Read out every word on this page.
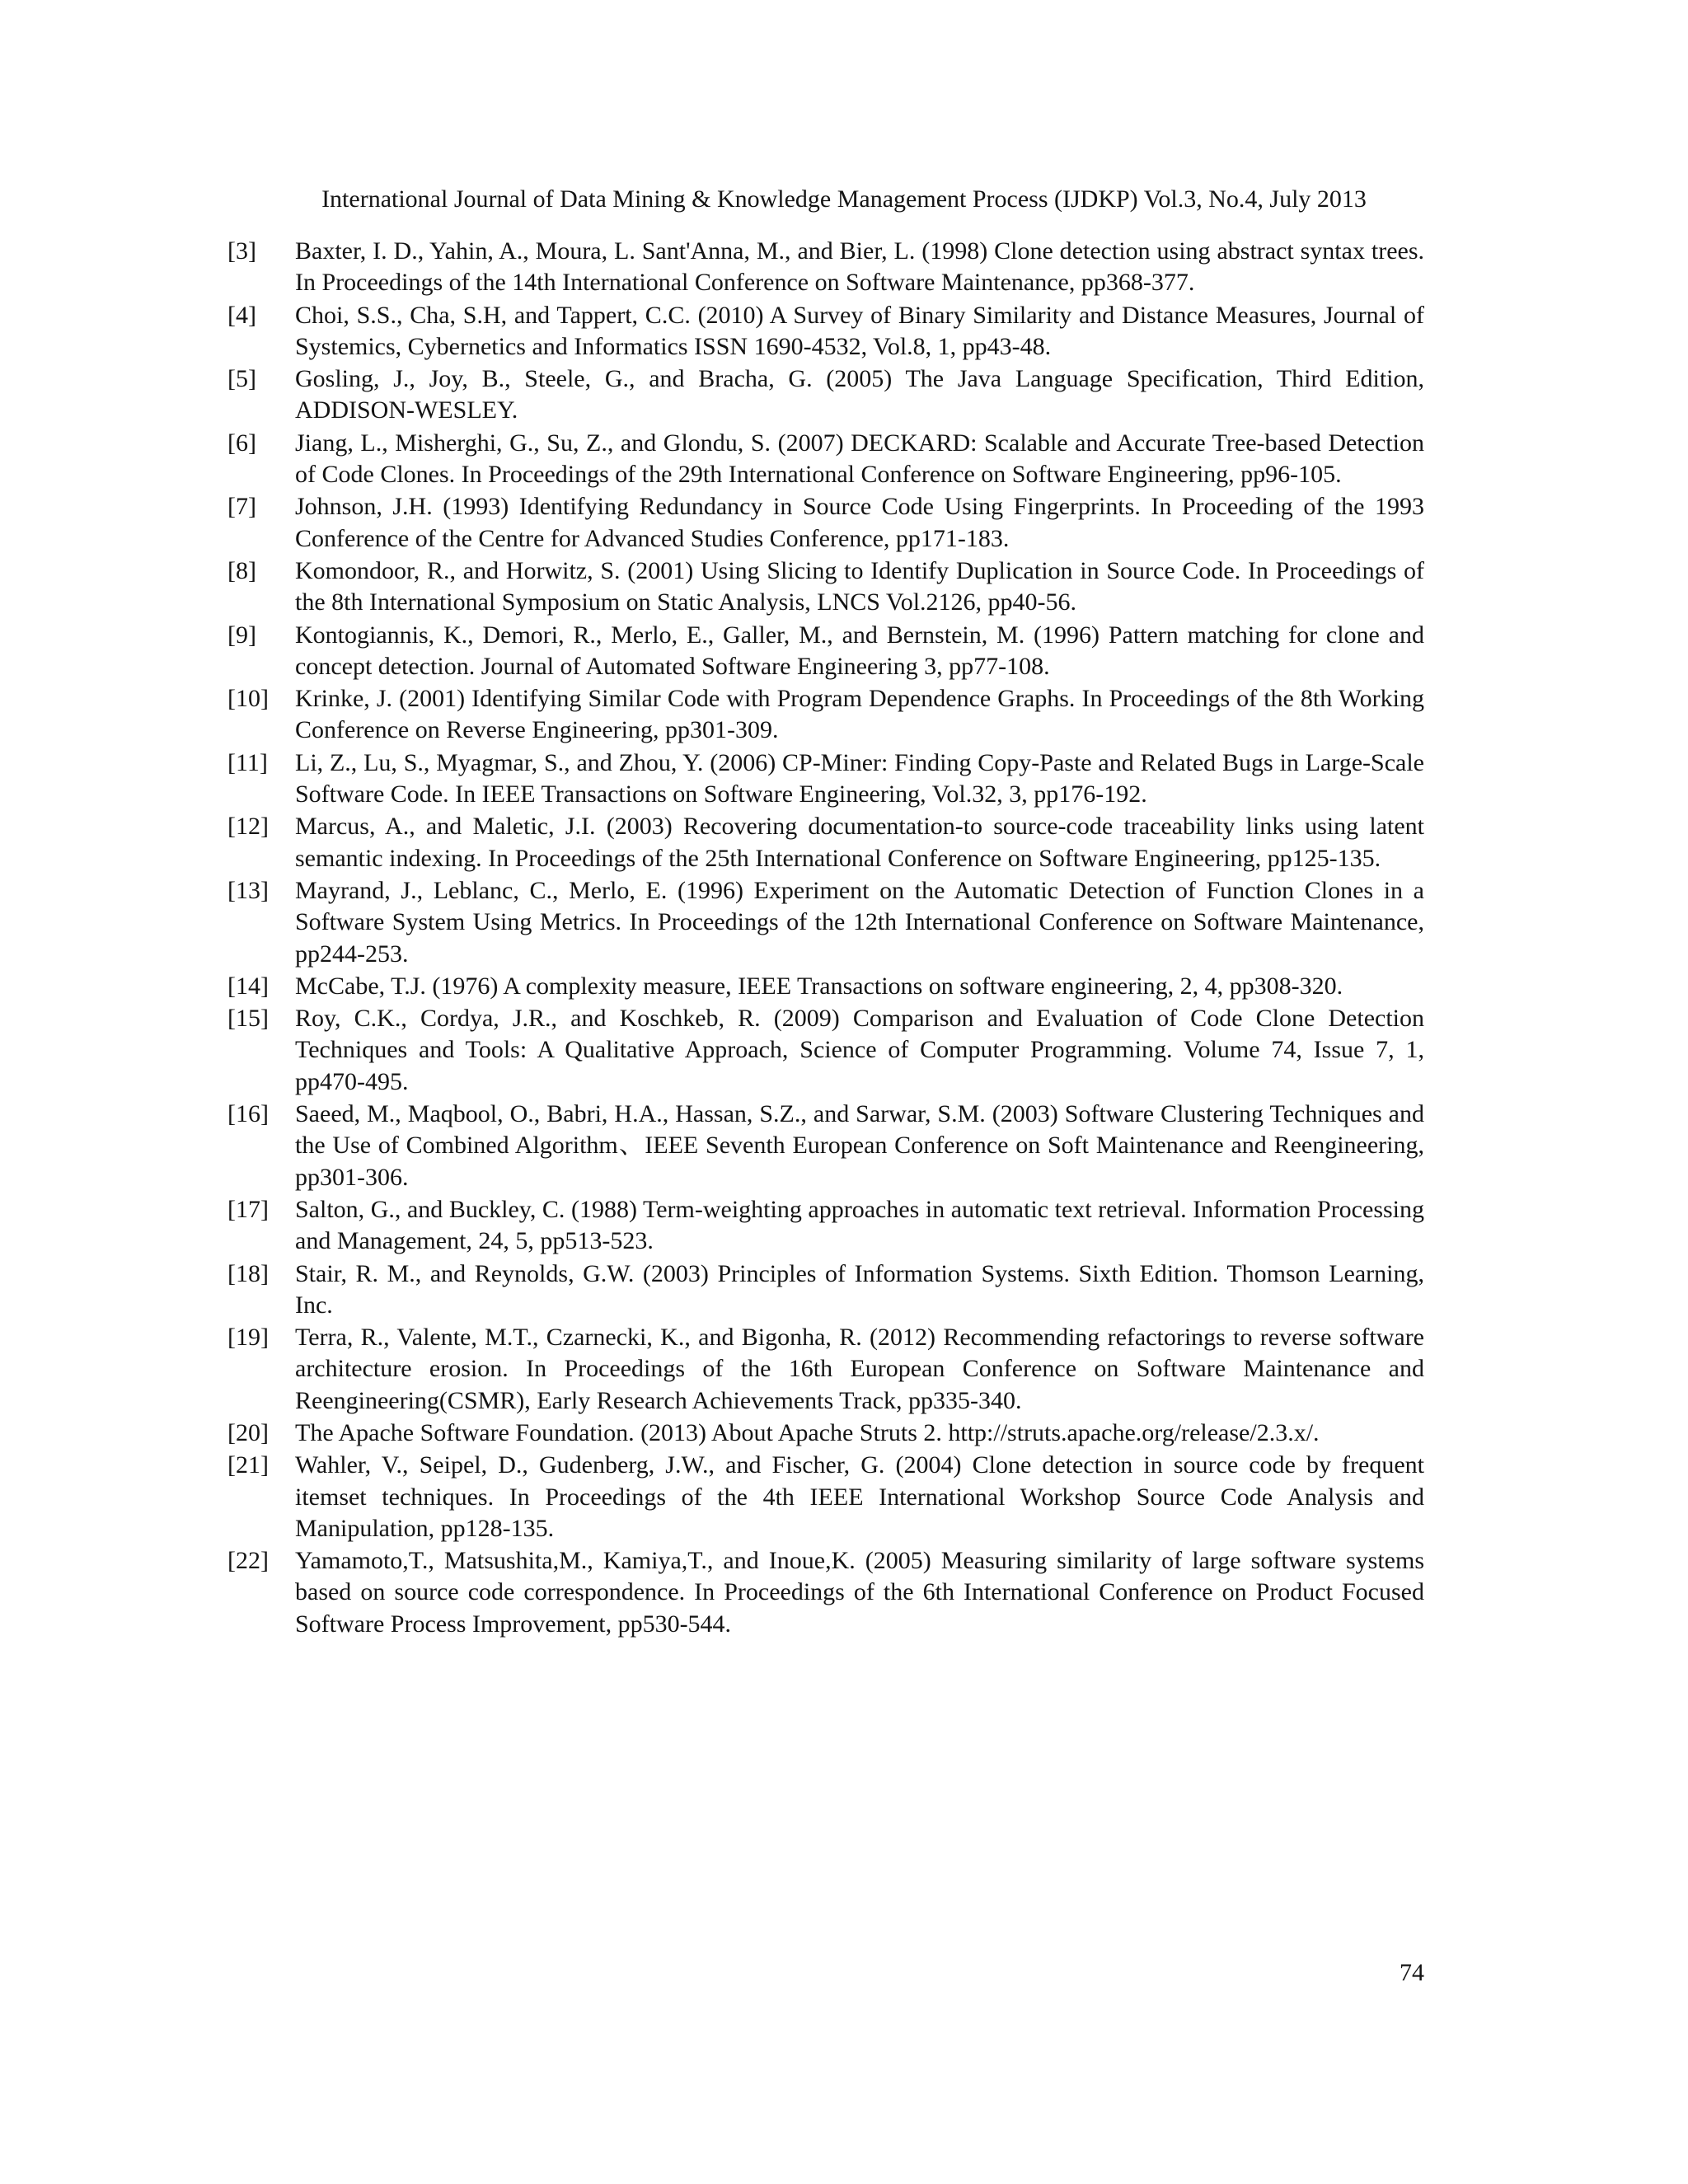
International Journal of Data Mining & Knowledge Management Process (IJDKP) Vol.3, No.4, July 2013
[3]	Baxter, I. D., Yahin, A., Moura, L. Sant'Anna, M., and Bier, L. (1998) Clone detection using abstract syntax trees. In Proceedings of the 14th International Conference on Software Maintenance, pp368-377.
[4]	Choi, S.S., Cha, S.H, and Tappert, C.C. (2010) A Survey of Binary Similarity and Distance Measures, Journal of Systemics, Cybernetics and Informatics ISSN 1690-4532, Vol.8, 1, pp43-48.
[5]	Gosling, J., Joy, B., Steele, G., and Bracha, G. (2005) The Java Language Specification, Third Edition, ADDISON-WESLEY.
[6]	Jiang, L., Misherghi, G., Su, Z., and Glondu, S. (2007) DECKARD: Scalable and Accurate Tree-based Detection of Code Clones. In Proceedings of the 29th International Conference on Software Engineering, pp96-105.
[7]	Johnson, J.H. (1993) Identifying Redundancy in Source Code Using Fingerprints. In Proceeding of the 1993 Conference of the Centre for Advanced Studies Conference, pp171-183.
[8]	Komondoor, R., and Horwitz, S. (2001) Using Slicing to Identify Duplication in Source Code. In Proceedings of the 8th International Symposium on Static Analysis, LNCS Vol.2126, pp40-56.
[9]	Kontogiannis, K., Demori, R., Merlo, E., Galler, M., and Bernstein, M. (1996) Pattern matching for clone and concept detection. Journal of Automated Software Engineering 3, pp77-108.
[10]	Krinke, J. (2001) Identifying Similar Code with Program Dependence Graphs. In Proceedings of the 8th Working Conference on Reverse Engineering, pp301-309.
[11]	Li, Z., Lu, S., Myagmar, S., and Zhou, Y. (2006) CP-Miner: Finding Copy-Paste and Related Bugs in Large-Scale Software Code. In IEEE Transactions on Software Engineering, Vol.32, 3, pp176-192.
[12]	Marcus, A., and Maletic, J.I. (2003) Recovering documentation-to source-code traceability links using latent semantic indexing. In Proceedings of the 25th International Conference on Software Engineering, pp125-135.
[13]	Mayrand, J., Leblanc, C., Merlo, E. (1996) Experiment on the Automatic Detection of Function Clones in a Software System Using Metrics. In Proceedings of the 12th International Conference on Software Maintenance, pp244-253.
[14]	McCabe, T.J. (1976) A complexity measure, IEEE Transactions on software engineering, 2, 4, pp308-320.
[15]	Roy, C.K., Cordya, J.R., and Koschkeb, R. (2009) Comparison and Evaluation of Code Clone Detection Techniques and Tools: A Qualitative Approach, Science of Computer Programming. Volume 74, Issue 7, 1, pp470-495.
[16]	Saeed, M., Maqbool, O., Babri, H.A., Hassan, S.Z., and Sarwar, S.M. (2003) Software Clustering Techniques and the Use of Combined Algorithm、IEEE Seventh European Conference on Soft Maintenance and Reengineering, pp301-306.
[17]	Salton, G., and Buckley, C. (1988) Term-weighting approaches in automatic text retrieval. Information Processing and Management, 24, 5, pp513-523.
[18]	Stair, R. M., and Reynolds, G.W. (2003) Principles of Information Systems. Sixth Edition. Thomson Learning, Inc.
[19]	Terra, R., Valente, M.T., Czarnecki, K., and Bigonha, R. (2012) Recommending refactorings to reverse software architecture erosion. In Proceedings of the 16th European Conference on Software Maintenance and Reengineering(CSMR), Early Research Achievements Track, pp335-340.
[20]	The Apache Software Foundation. (2013) About Apache Struts 2. http://struts.apache.org/release/2.3.x/.
[21]	Wahler, V., Seipel, D., Gudenberg, J.W., and Fischer, G. (2004) Clone detection in source code by frequent itemset techniques. In Proceedings of the 4th IEEE International Workshop Source Code Analysis and Manipulation, pp128-135.
[22]	Yamamoto,T., Matsushita,M., Kamiya,T., and Inoue,K. (2005) Measuring similarity of large software systems based on source code correspondence. In Proceedings of the 6th International Conference on Product Focused Software Process Improvement, pp530-544.
74
